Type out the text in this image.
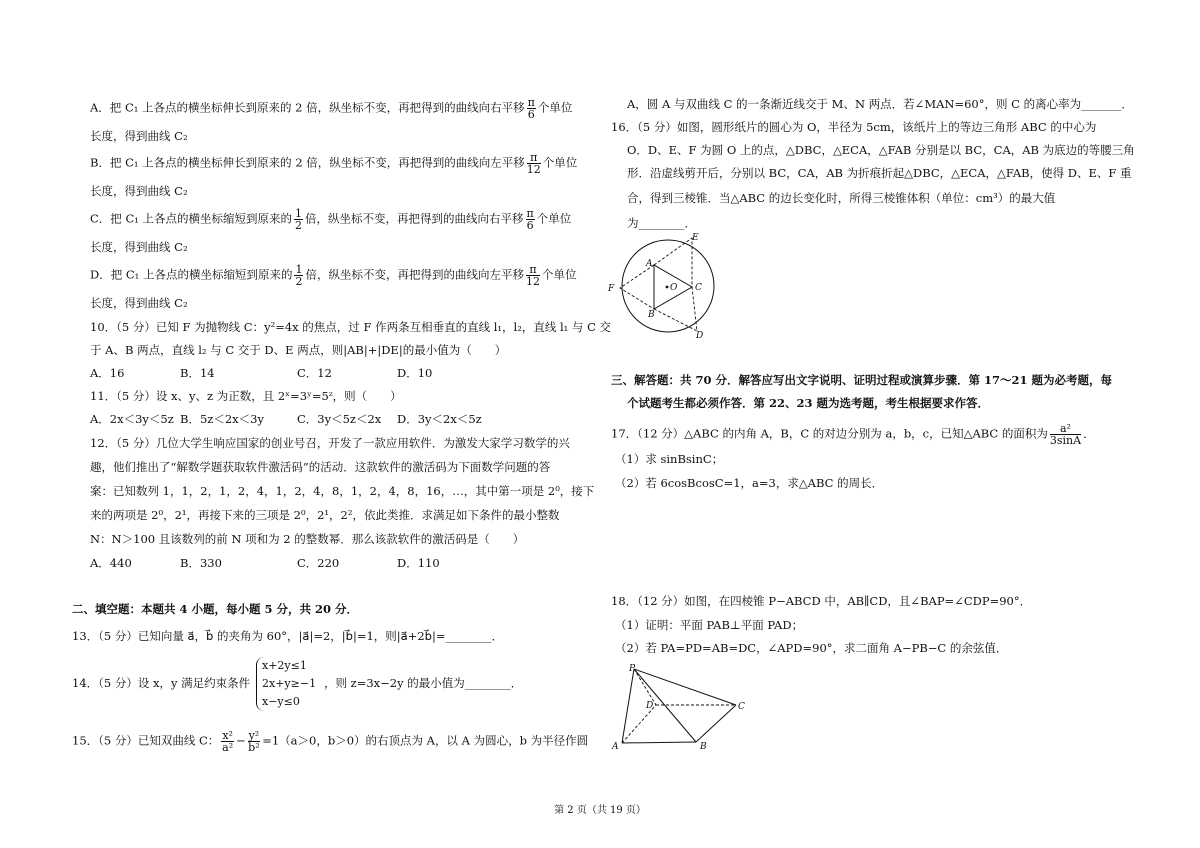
A．把 C₁ 上各点的横坐标伸长到原来的 2 倍，纵坐标不变，再把得到的曲线向右平移 $\frac{\pi}{6}$ 个单位
长度，得到曲线 C₂
B．把 C₁ 上各点的横坐标伸长到原来的 2 倍，纵坐标不变，再把得到的曲线向左平移 $\frac{\pi}{12}$ 个单位
长度，得到曲线 C₂
C．把 C₁ 上各点的横坐标缩短到原来的 $\frac{1}{2}$ 倍，纵坐标不变，再把得到的曲线向右平移 $\frac{\pi}{6}$ 个单位
长度，得到曲线 C₂
D．把 C₁ 上各点的横坐标缩短到原来的 $\frac{1}{2}$ 倍，纵坐标不变，再把得到的曲线向左平移 $\frac{\pi}{12}$ 个单位
长度，得到曲线 C₂
10．（5 分）已知 F 为抛物线 C：y²=4x 的焦点，过 F 作两条互相垂直的直线 l₁，l₂，直线 l₁ 与 C 交
于 A、B 两点，直线 l₂ 与 C 交于 D、E 两点，则|AB|+|DE|的最小值为（　　）
A．16	B．14	C．12	D．10
11．（5 分）设 x、y、z 为正数，且 2ˣ=3ʸ=5ᶻ，则（　　）
A．2x＜3y＜5z B．5z＜2x＜3y	C．3y＜5z＜2x D．3y＜2x＜5z
12．（5 分）几位大学生响应国家的创业号召，开发了一款应用软件．为激发大家学习数学的兴
趣，他们推出了“解数学题获取软件激活码”的活动．这款软件的激活码为下面数学问题的答
案：已知数列 1，1，2，1，2，4，1，2，4，8，1，2，4，8，16，…，其中第一项是 2⁰，接下
来的两项是 2⁰，2¹，再接下来的三项是 2⁰，2¹，2²，依此类推．求满足如下条件的最小整数
N：N＞100 且该数列的前 N 项和为 2 的整数幂．那么该款软件的激活码是（　　）
A．440	B．330	C．220	D．110
二、填空题：本题共 4 小题，每小题 5 分，共 20 分．
13．（5 分）已知向量 a⃗，b⃗ 的夹角为 60°，|a⃗|=2，|b⃗|=1，则|a⃗+2b⃗|=________．
14．（5 分）设 x，y 满足约束条件
x+2y≤1
2x+y≥−1
x−y≤0
，则 z=3x−2y 的最小值为________．
15．（5 分）已知双曲线 C： $\frac{\text{x²}}{\text{a²}} - \frac{\text{y²}}{\text{b²}} =1(a>0$，b＞0）的右顶点为 A，以 A 为圆心，b 为半径作圆
A，圆 A 与双曲线 C 的一条渐近线交于 M、N 两点．若∠MAN=60°，则 C 的离心率为_______．
16．（5 分）如图，圆形纸片的圆心为 O，半径为 5cm，该纸片上的等边三角形 ABC 的中心为
O．D、E、F 为圆 O 上的点，△DBC，△ECA，△FAB 分别是以 BC，CA，AB 为底边的等腰三角
形．沿虚线剪开后，分别以 BC，CA，AB 为折痕折起△DBC，△ECA，△FAB，使得 D、E、F 重
合，得到三棱锥．当△ABC 的边长变化时，所得三棱锥体积（单位：cm³）的最大值
为________．
A
B
C
D
E
F	O
三、解答题：共 70 分．解答应写出文字说明、证明过程或演算步骤．第 17～21 题为必考题，每
个试题考生都必须作答．第 22、23 题为选考题，考生根据要求作答．
17．（12 分）△ABC 的内角 A，B，C 的对边分别为 a，b，c，已知△ABC 的面积为 $\frac{\text{a²}}{3\sin A}$ ．
（1）求 sinBsinC；
（2）若 6cosBcosC=1，a=3，求△ABC 的周长．
18．（12 分）如图，在四棱锥 P−ABCD 中，AB∥CD，且∠BAP=∠CDP=90°．
（1）证明：平面 PAB⊥平面 PAD；
（2）若 PA=PD=AB=DC，∠APD=90°，求二面角 A−PB−C 的余弦值．
P
A	B
C
D
第 2 页（共 19 页）
